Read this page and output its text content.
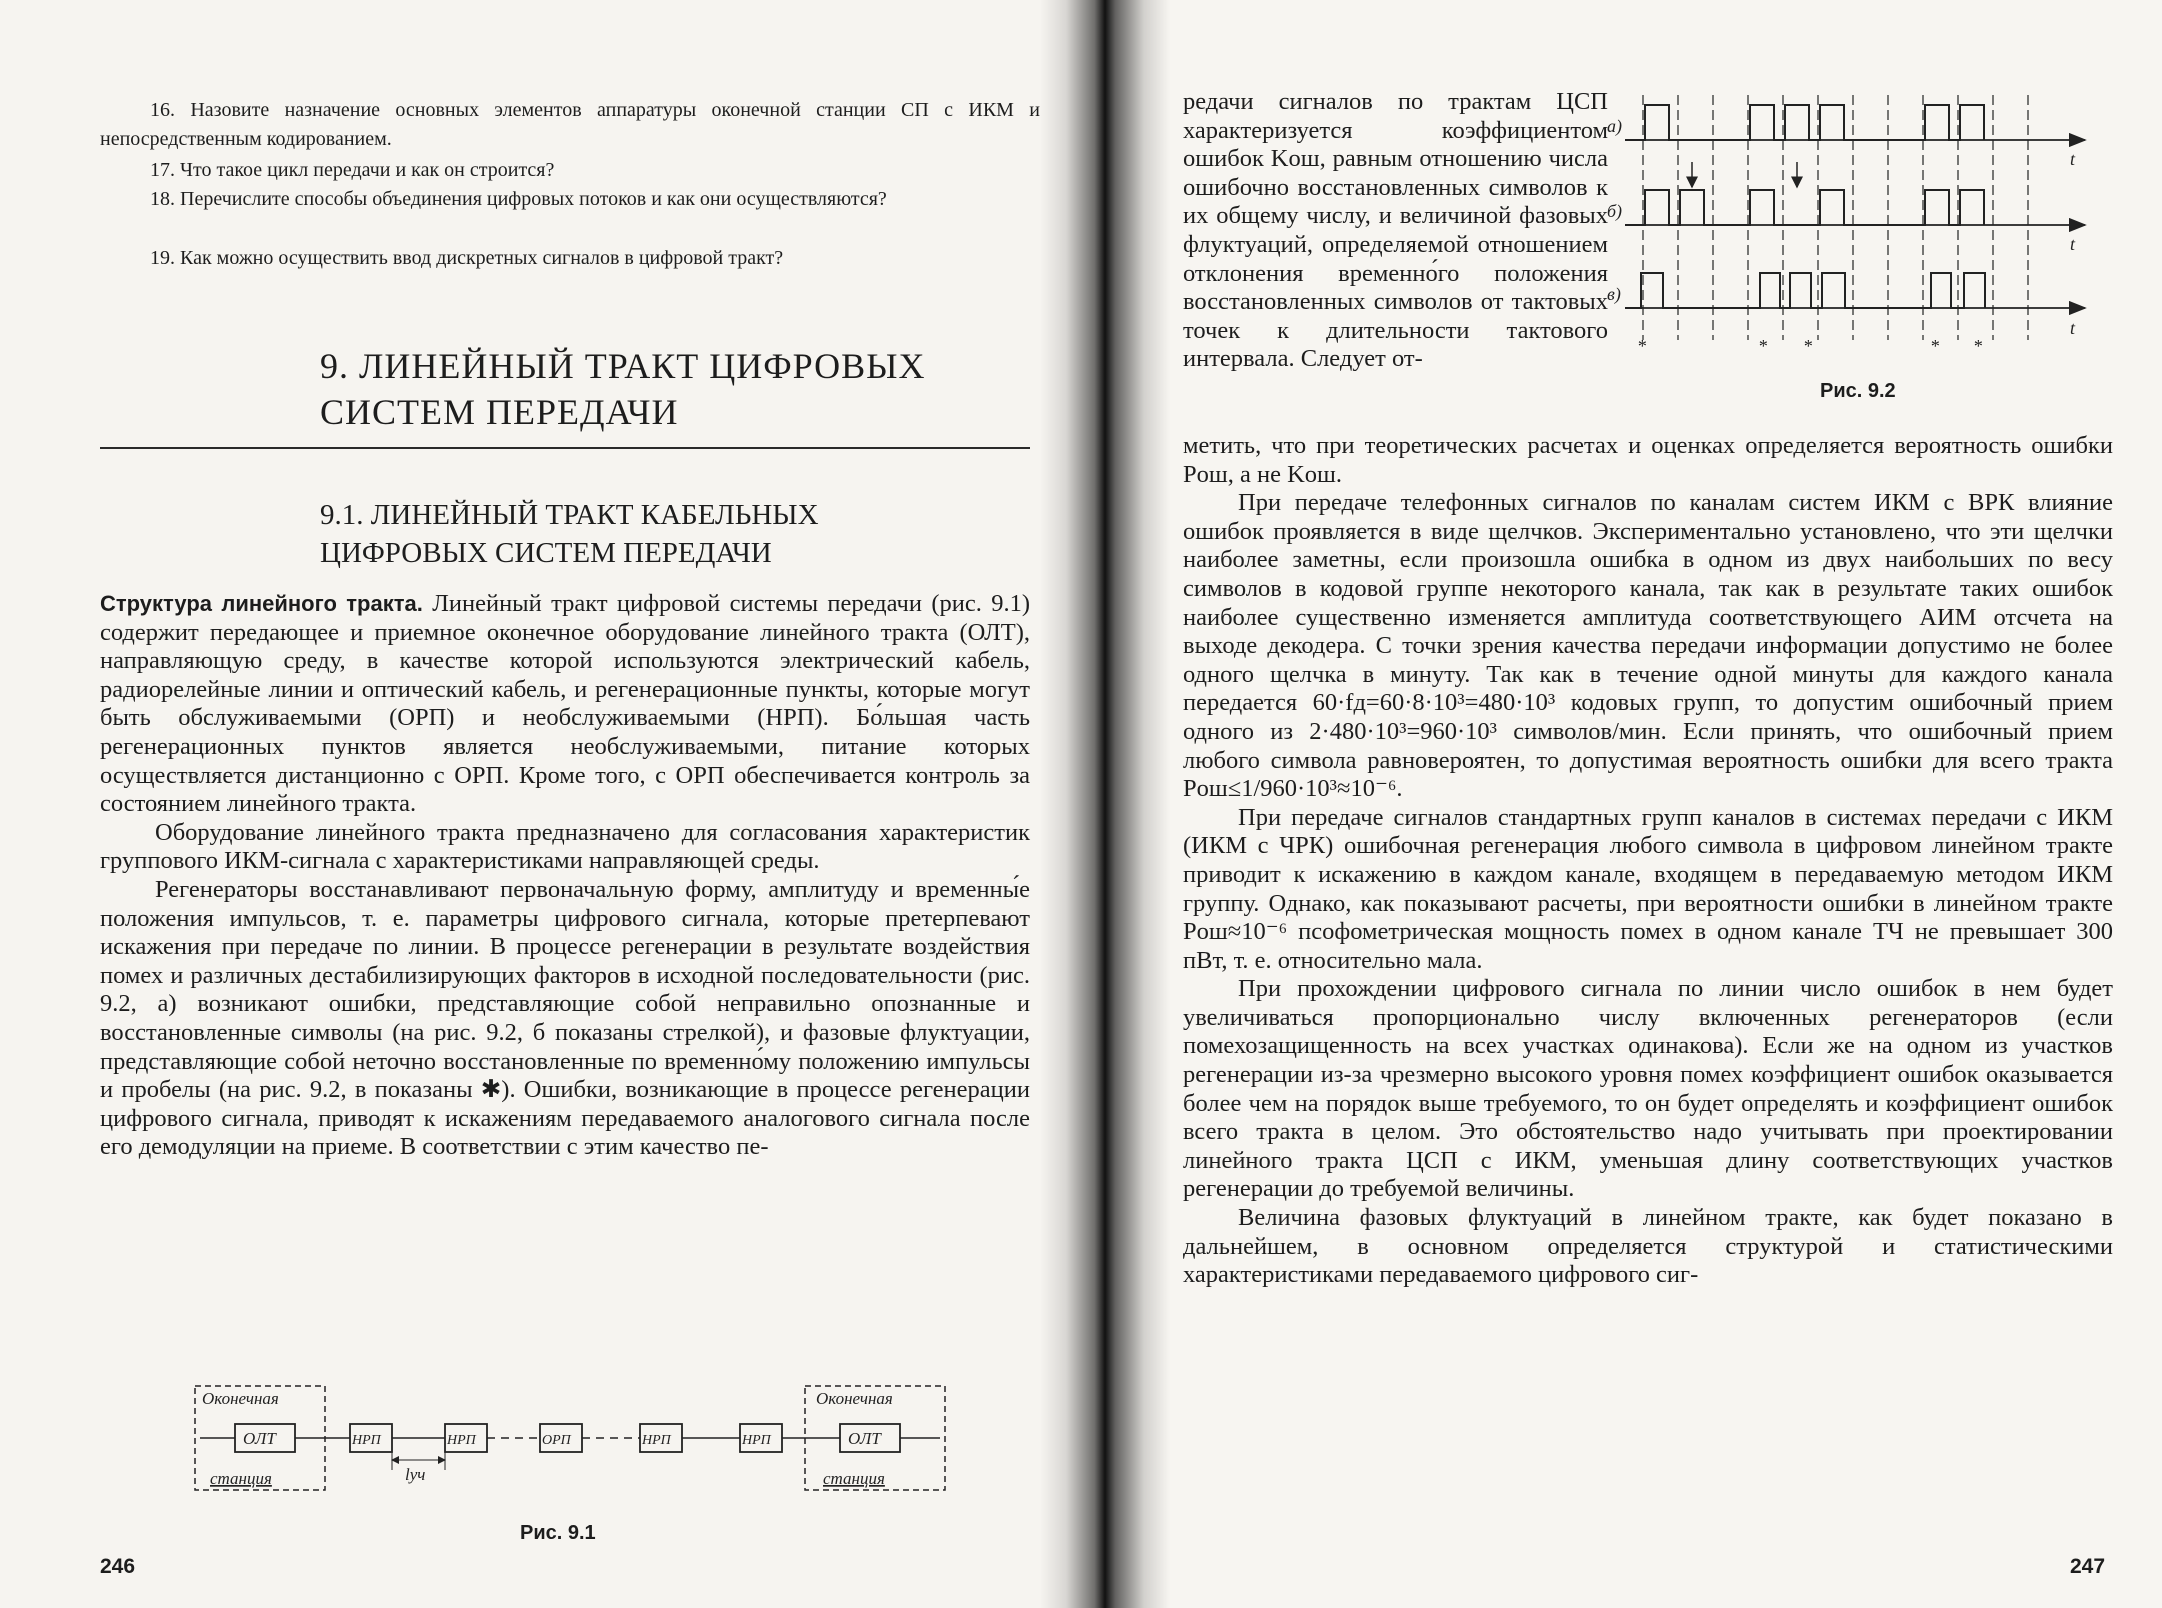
16. Назовите назначение основных элементов аппаратуры оконечной станции СП с ИКМ и непосредственным кодированием.
17. Что такое цикл передачи и как он строится?
18. Перечислите способы объединения цифровых потоков и как они осуществляются?
19. Как можно осуществить ввод дискретных сигналов в цифровой тракт?
9. ЛИНЕЙНЫЙ ТРАКТ ЦИФРОВЫХ
СИСТЕМ ПЕРЕДАЧИ
9.1. ЛИНЕЙНЫЙ ТРАКТ КАБЕЛЬНЫХ
ЦИФРОВЫХ СИСТЕМ ПЕРЕДАЧИ

Структура линейного тракта. Линейный тракт цифровой системы передачи (рис. 9.1) содержит передающее и приемное оконечное оборудование линейного тракта (ОЛТ), направляющую среду, в качестве которой используются электрический кабель, радиорелейные линии и оптический кабель, и регенерационные пункты, которые могут быть обслуживаемыми (ОРП) и необслуживаемыми (НРП). Бо́льшая часть регенерационных пунктов является необслуживаемыми, питание которых осуществляется дистанционно с ОРП. Кроме того, с ОРП обеспечивается контроль за состоянием линейного тракта.

Оборудование линейного тракта предназначено для согласования характеристик группового ИКМ-сигнала с характеристиками направляющей среды.

Регенераторы восстанавливают первоначальную форму, амплитуду и временны́е положения импульсов, т. е. параметры цифрового сигнала, которые претерпевают искажения при передаче по линии. В процессе регенерации в результате воздействия помех и различных дестабилизирующих факторов в исходной последовательности (рис. 9.2, а) возникают ошибки, представляющие собой неправильно опознанные и восстановленные символы (на рис. 9.2, б показаны стрелкой), и фазовые флуктуации, представляющие собой неточно восстановленные по временно́му положению импульсы и пробелы (на рис. 9.2, в показаны ✱). Ошибки, возникающие в процессе регенерации цифрового сигнала, приводят к искажениям передаваемого аналогового сигнала после его демодуляции на приеме. В соответствии с этим качество пе-

Оконечная
станция
ОЛТ	НРП	НРП
lуч
ОРП	НРП	НРП
Оконечная
станция
ОЛТ
Рис. 9.1
246

редачи сигналов по трактам ЦСП характеризуется коэффициентом ошибок Kош, равным отношению числа ошибочно восстановленных символов к их общему числу, и величиной фазовых флуктуаций, определяемой отношением отклонения временно́го положения восстановленных символов от тактовых точек к длительности тактового интервала. Следует от-

а)
t
б)
t
в)
t
*	* *	* *
Рис. 9.2

метить, что при теоретических расчетах и оценках определяется вероятность ошибки Pош, а не Kош.

При передаче телефонных сигналов по каналам систем ИКМ с ВРК влияние ошибок проявляется в виде щелчков. Экспериментально установлено, что эти щелчки наиболее заметны, если произошла ошибка в одном из двух наибольших по весу символов в кодовой группе некоторого канала, так как в результате таких ошибок наиболее существенно изменяется амплитуда соответствующего АИМ отсчета на выходе декодера. С точки зрения качества передачи информации допустимо не более одного щелчка в минуту. Так как в течение одной минуты для каждого канала передается 60·fд=60·8·10³=480·10³ кодовых групп, то допустим ошибочный прием одного из 2·480·10³=960·10³ символов/мин. Если принять, что ошибочный прием любого символа равновероятен, то допустимая вероятность ошибки для всего тракта Pош≤1/960·10³≈10⁻⁶.

При передаче сигналов стандартных групп каналов в системах передачи с ИКМ (ИКМ с ЧРК) ошибочная регенерация любого символа в цифровом линейном тракте приводит к искажению в каждом канале, входящем в передаваемую методом ИКМ группу. Однако, как показывают расчеты, при вероятности ошибки в линейном тракте Pош≈10⁻⁶ псофометрическая мощность помех в одном канале ТЧ не превышает 300 пВт, т. е. относительно мала.

При прохождении цифрового сигнала по линии число ошибок в нем будет увеличиваться пропорционально числу включенных регенераторов (если помехозащищенность на всех участках одинакова). Если же на одном из участков регенерации из-за чрезмерно высокого уровня помех коэффициент ошибок оказывается более чем на порядок выше требуемого, то он будет определять и коэффициент ошибок всего тракта в целом. Это обстоятельство надо учитывать при проектировании линейного тракта ЦСП с ИКМ, уменьшая длину соответствующих участков регенерации до требуемой величины.

Величина фазовых флуктуаций в линейном тракте, как будет показано в дальнейшем, в основном определяется структурой и статистическими характеристиками передаваемого цифрового сиг-

247
